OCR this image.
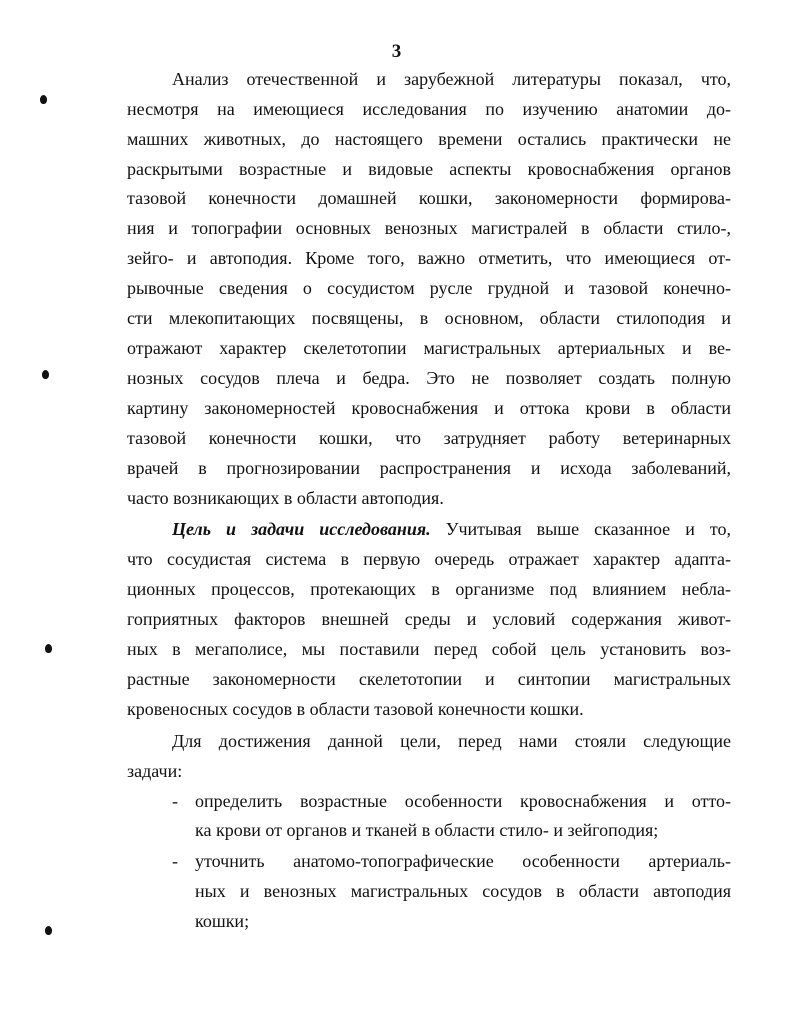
3
Анализ отечественной и зарубежной литературы показал, что,
несмотря на имеющиеся исследования по изучению анатомии до-
машних животных, до настоящего времени остались практически не
раскрытыми возрастные и видовые аспекты кровоснабжения органов
тазовой конечности домашней кошки, закономерности формирова-
ния и топографии основных венозных магистралей в области стило-,
зейго- и автоподия. Кроме того, важно отметить, что имеющиеся от-
рывочные сведения о сосудистом русле грудной и тазовой конечно-
сти млекопитающих посвящены, в основном, области стилоподия и
отражают характер скелетотопии магистральных артериальных и ве-
нозных сосудов плеча и бедра. Это не позволяет создать полную
картину закономерностей кровоснабжения и оттока крови в области
тазовой конечности кошки, что затрудняет работу ветеринарных
врачей в прогнозировании распространения и исхода заболеваний,
часто возникающих в области автоподия.
Цель и задачи исследования. Учитывая выше сказанное и то,
что сосудистая система в первую очередь отражает характер адапта-
ционных процессов, протекающих в организме под влиянием небла-
гоприятных факторов внешней среды и условий содержания живот-
ных в мегаполисе, мы поставили перед собой цель установить воз-
растные закономерности скелетотопии и синтопии магистральных
кровеносных сосудов в области тазовой конечности кошки.
Для достижения данной цели, перед нами стояли следующие
задачи:
- определить возрастные особенности кровоснабжения и отто-
ка крови от органов и тканей в области стило- и зейгоподия;
- уточнить анатомо-топографические особенности артериаль-
ных и венозных магистральных сосудов в области автоподия
кошки;
